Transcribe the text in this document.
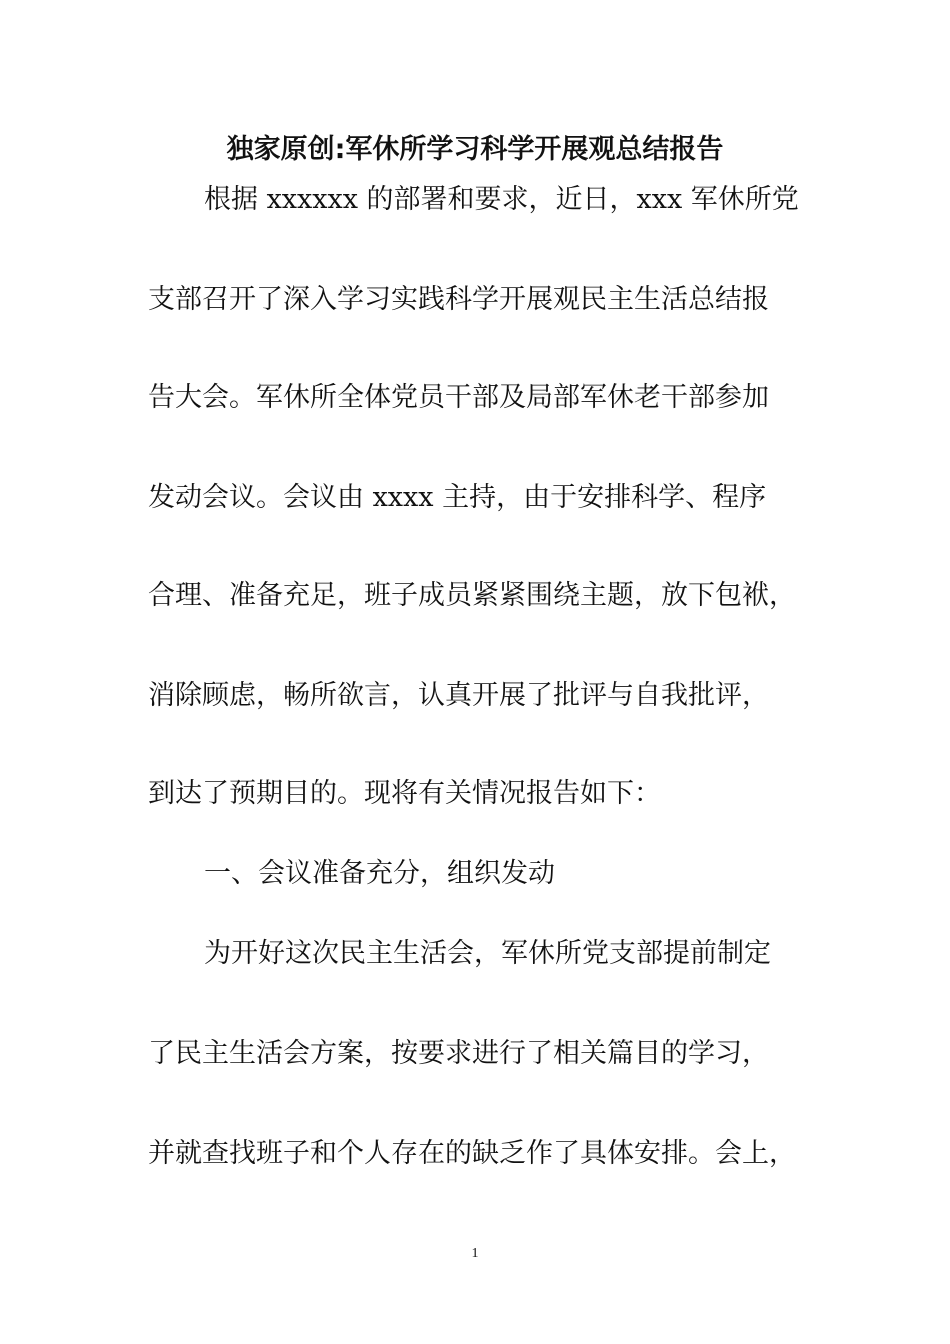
独家原创:军休所学习科学开展观总结报告

根据 xxxxxx 的部署和要求，近日，xxx 军休所党

支部召开了深入学习实践科学开展观民主生活总结报

告大会。军休所全体党员干部及局部军休老干部参加

发动会议。会议由 xxxx 主持，由于安排科学、程序

合理、准备充足，班子成员紧紧围绕主题，放下包袱，

消除顾虑，畅所欲言，认真开展了批评与自我批评，

到达了预期目的。现将有关情况报告如下：

一、会议准备充分，组织发动

为开好这次民主生活会，军休所党支部提前制定

了民主生活会方案，按要求进行了相关篇目的学习，

并就查找班子和个人存在的缺乏作了具体安排。会上，

1
